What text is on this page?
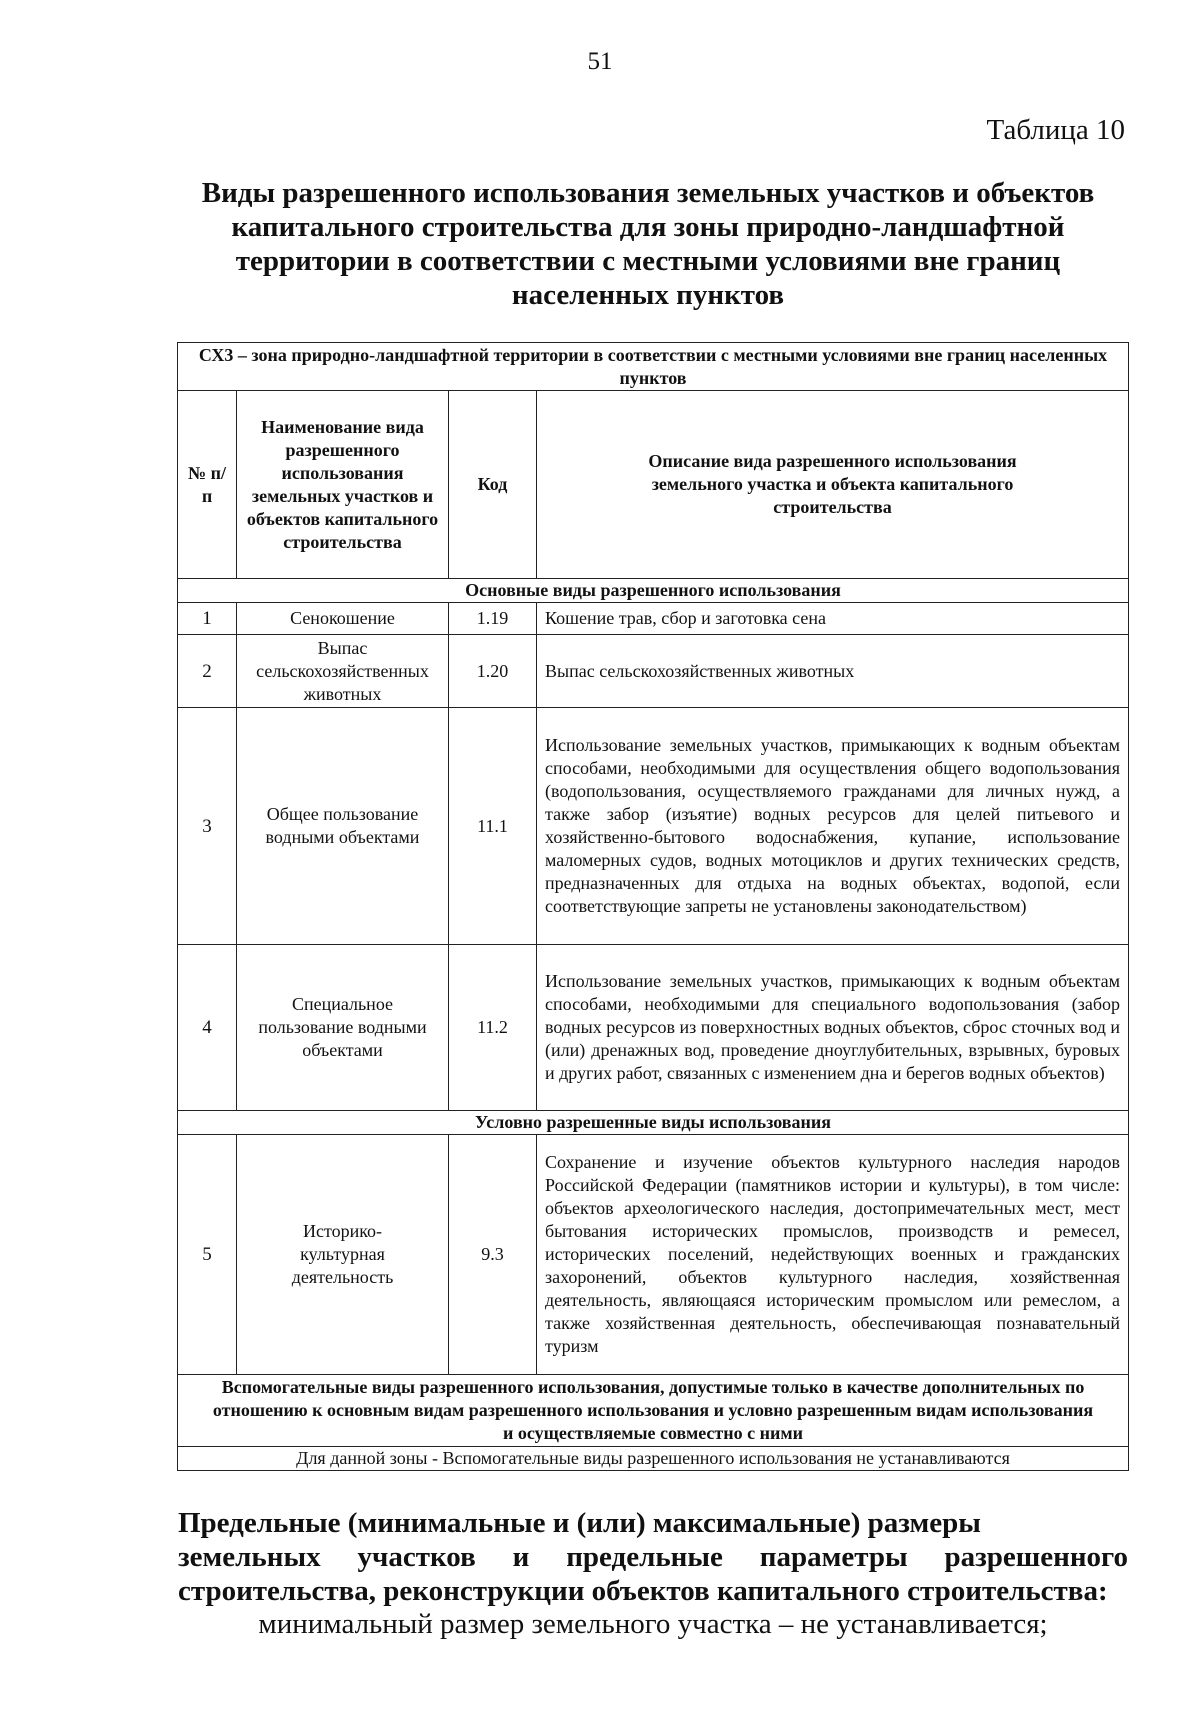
51
Таблица 10
Виды разрешенного использования земельных участков и объектов капитального строительства для зоны природно-ландшафтной территории в соответствии с местными условиями вне границ населенных пунктов
СХ3 – зона природно-ландшафтной территории в соответствии с местными условиями вне границ населенных пунктов			
№ п/п	Наименование вида разрешенного использования земельных участков и объектов капитального строительства	Код	Описание вида разрешенного использования земельного участка и объекта капитального строительства
Основные виды разрешенного использования			
1	Сенокошение	1.19	Кошение трав, сбор и заготовка сена
2	Выпас сельскохозяйственных животных	1.20	Выпас сельскохозяйственных животных
3	Общее пользование водными объектами	11.1	Использование земельных участков, примыкающих к водным объектам способами, необходимыми для осуществления общего водопользования (водопользования, осуществляемого гражданами для личных нужд, а также забор (изъятие) водных ресурсов для целей питьевого и хозяйственно-бытового водоснабжения, купание, использование маломерных судов, водных мотоциклов и других технических средств, предназначенных для отдыха на водных объектах, водопой, если соответствующие запреты не установлены законодательством)
4	Специальное пользование водными объектами	11.2	Использование земельных участков, примыкающих к водным объектам способами, необходимыми для специального водопользования (забор водных ресурсов из поверхностных водных объектов, сброс сточных вод и (или) дренажных вод, проведение дноуглубительных, взрывных, буровых и других работ, связанных с изменением дна и берегов водных объектов)
Условно разрешенные виды использования			
5	Историко-культурная деятельность	9.3	Сохранение и изучение объектов культурного наследия народов Российской Федерации (памятников истории и культуры), в том числе: объектов археологического наследия, достопримечательных мест, мест бытования исторических промыслов, производств и ремесел, исторических поселений, недействующих военных и гражданских захоронений, объектов культурного наследия, хозяйственная деятельность, являющаяся историческим промыслом или ремеслом, а также хозяйственная деятельность, обеспечивающая познавательный туризм
Вспомогательные виды разрешенного использования, допустимые только в качестве дополнительных по отношению к основным видам разрешенного использования и условно разрешенным видам использования и осуществляемые совместно с ними			
Для данной зоны - Вспомогательные виды разрешенного использования не устанавливаются			
Предельные (минимальные и (или) максимальные) размеры
земельных участков и предельные параметры разрешенного
строительства, реконструкции объектов капитального строительства:
минимальный размер земельного участка – не устанавливается;
